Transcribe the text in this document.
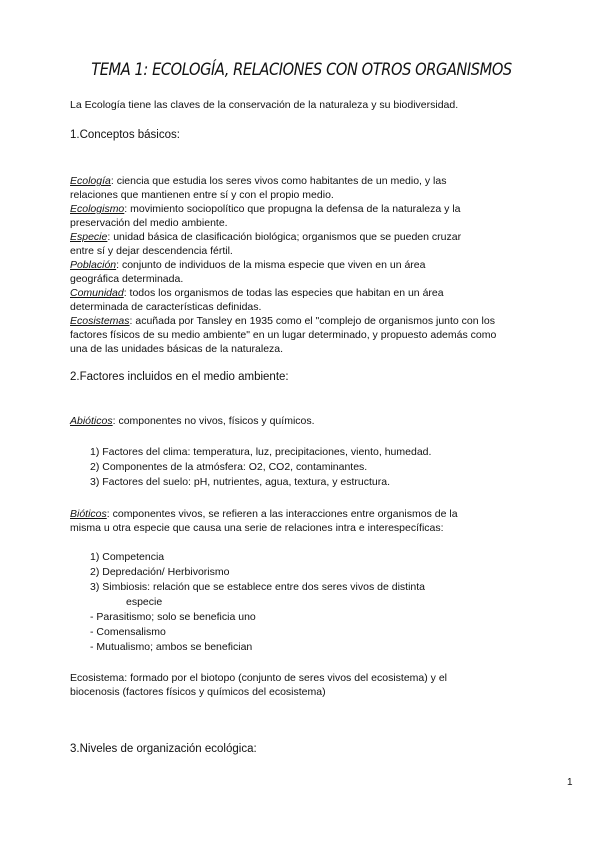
TEMA 1: ECOLOGÍA, RELACIONES CON OTROS ORGANISMOS
La Ecología tiene las claves de la conservación de la naturaleza y su biodiversidad.
1.Conceptos básicos:
Ecología: ciencia que estudia los seres vivos como habitantes de un medio, y las
relaciones que mantienen entre sí y con el propio medio.
Ecologismo: movimiento sociopolítico que propugna la defensa de la naturaleza y la
preservación del medio ambiente.
Especie: unidad básica de clasificación biológica; organismos que se pueden cruzar
entre sí y dejar descendencia fértil.
Población: conjunto de individuos de la misma especie que viven en un área
geográfica determinada.
Comunidad: todos los organismos de todas las especies que habitan en un área
determinada de características definidas.
Ecosistemas: acuñada por Tansley en 1935 como el "complejo de organismos junto con los
factores físicos de su medio ambiente" en un lugar determinado, y propuesto además como
una de las unidades básicas de la naturaleza.
2.Factores incluidos en el medio ambiente:
Abióticos: componentes no vivos, físicos y químicos.
1) Factores del clima: temperatura, luz, precipitaciones, viento, humedad.
2) Componentes de la atmósfera: O2, CO2, contaminantes.
3) Factores del suelo: pH, nutrientes, agua, textura, y estructura.
Bióticos: componentes vivos, se refieren a las interacciones entre organismos de la
misma u otra especie que causa una serie de relaciones intra e interespecíficas:
1) Competencia
2) Depredación/ Herbivorismo
3) Simbiosis: relación que se establece entre dos seres vivos de distinta
especie
- Parasitismo; solo se beneficia uno
- Comensalismo
- Mutualismo; ambos se benefician
Ecosistema: formado por el biotopo (conjunto de seres vivos del ecosistema) y el
biocenosis (factores físicos y químicos del ecosistema)
3.Niveles de organización ecológica:
1
